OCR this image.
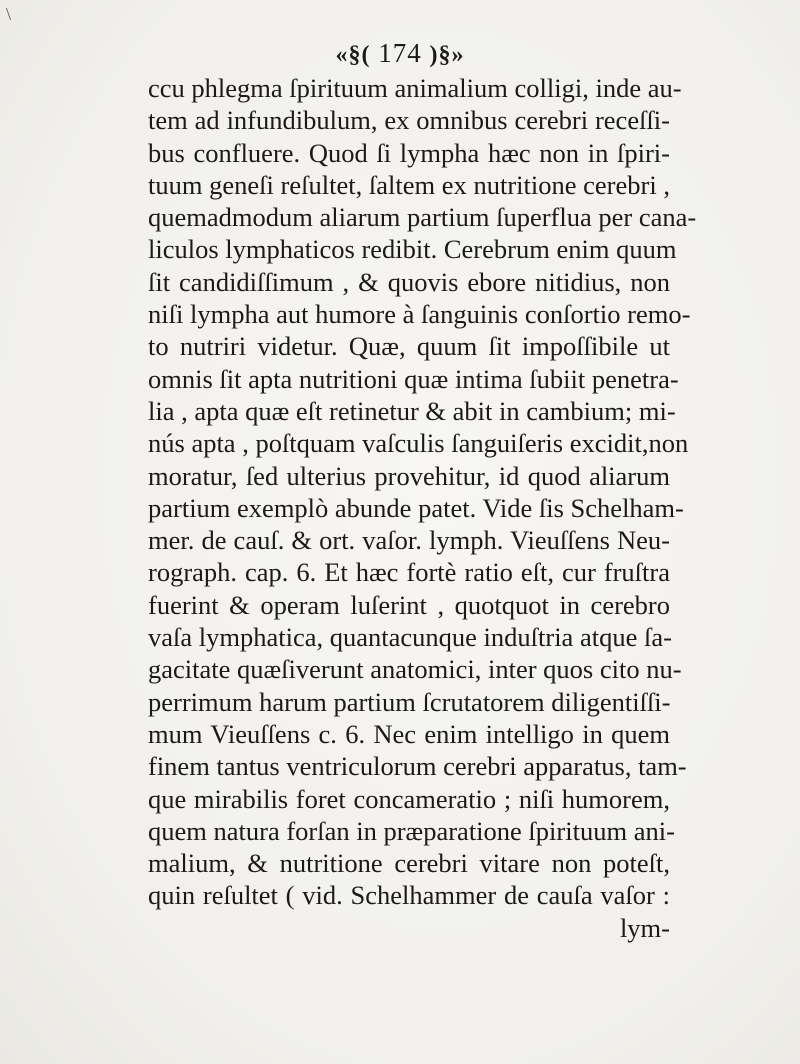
\
«§( 174 )§»
ccu phlegma ſpirituum animalium colligi, inde au-
tem ad infundibulum, ex omnibus cerebri receſſi-
bus confluere. Quod ſi lympha hæc non in ſpiri-
tuum geneſi reſultet, ſaltem ex nutritione cerebri ,
quemadmodum aliarum partium ſuperflua per cana-
liculos lymphaticos redibit. Cerebrum enim quum
ſit candidiſſimum , & quovis ebore nitidius, non
niſi lympha aut humore à ſanguinis conſortio remo-
to nutriri videtur. Quæ, quum ſit impoſſibile ut
omnis ſit apta nutritioni quæ intima ſubiit penetra-
lia , apta quæ eſt retinetur & abit in cambium; mi-
nús apta , poſtquam vaſculis ſanguiſeris excidit,non
moratur, ſed ulterius provehitur, id quod aliarum
partium exemplò abunde patet. Vide ſis Schelham-
mer. de cauſ. & ort. vaſor. lymph. Vieuſſens Neu-
rograph. cap. 6. Et hæc fortè ratio eſt, cur fruſtra
fuerint & operam luſerint , quotquot in cerebro
vaſa lymphatica, quantacunque induſtria atque ſa-
gacitate quæſiverunt anatomici, inter quos cito nu-
perrimum harum partium ſcrutatorem diligentiſſi-
mum Vieuſſens c. 6. Nec enim intelligo in quem
finem tantus ventriculorum cerebri apparatus, tam-
que mirabilis foret concameratio ; niſi humorem,
quem natura forſan in præparatione ſpirituum ani-
malium, & nutritione cerebri vitare non poteſt,
quin reſultet ( vid. Schelhammer de cauſa vaſor :
lym-
